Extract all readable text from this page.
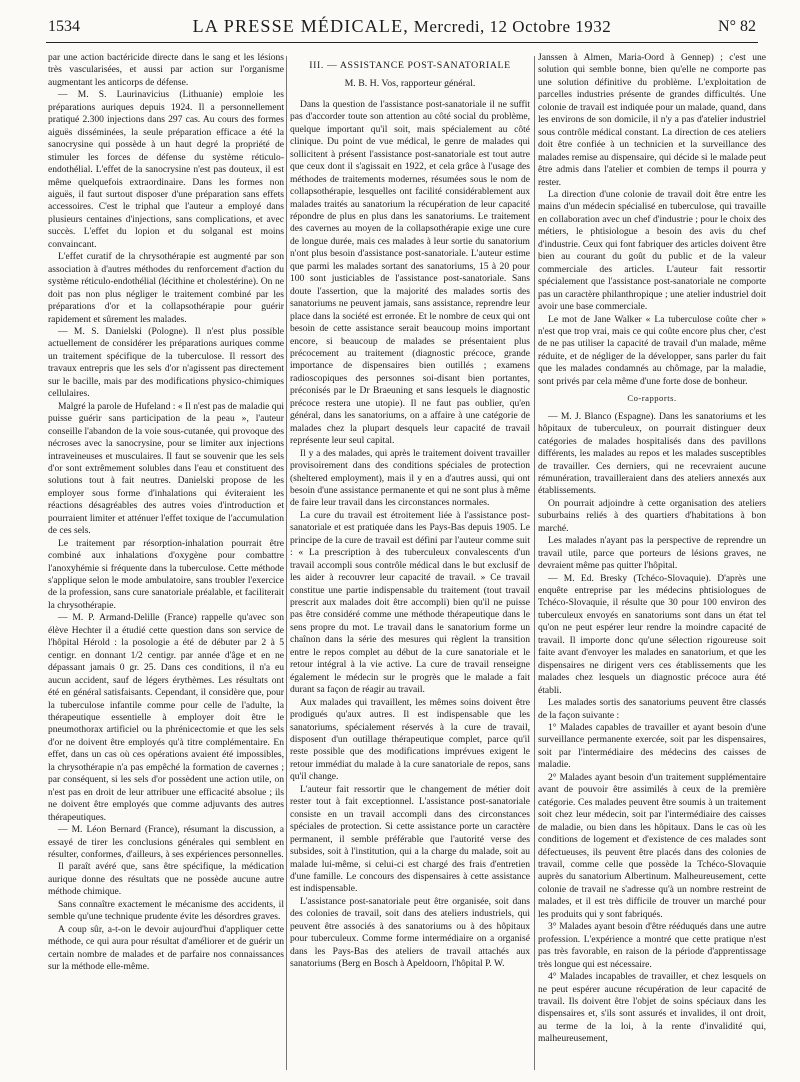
1534	LA PRESSE MÉDICALE, Mercredi, 12 Octobre 1932	N° 82

par une action bactéricide directe dans le sang et les lésions très vascularisées, et aussi par action sur l'organisme augmentant les anticorps de défense.

— M. S. Laurinavicius (Lithuanie) emploie les préparations auriques depuis 1924. Il a personnellement pratiqué 2.300 injections dans 297 cas. Au cours des formes aiguës disséminées, la seule préparation efficace a été la sanocrysine qui possède à un haut degré la propriété de stimuler les forces de défense du système réticulo-endothélial. L'effet de la sanocrysine n'est pas douteux, il est même quelquefois extraordinaire. Dans les formes non aiguës, il faut surtout disposer d'une préparation sans effets accessoires. C'est le triphal que l'auteur a employé dans plusieurs centaines d'injections, sans complications, et avec succès. L'effet du lopion et du solganal est moins convaincant.

L'effet curatif de la chrysothérapie est augmenté par son association à d'autres méthodes du renforcement d'action du système réticulo-endothélial (lécithine et cholestérine). On ne doit pas non plus négliger le traitement combiné par les préparations d'or et la collapsothérapie pour guérir rapidement et sûrement les malades.

— M. S. Danielski (Pologne). Il n'est plus possible actuellement de considérer les préparations auriques comme un traitement spécifique de la tuberculose. Il ressort des travaux entrepris que les sels d'or n'agissent pas directement sur le bacille, mais par des modifications physico-chimiques cellulaires.

Malgré la parole de Hufeland : « Il n'est pas de maladie qui puisse guérir sans participation de la peau », l'auteur conseille l'abandon de la voie sous-cutanée, qui provoque des nécroses avec la sanocrysine, pour se limiter aux injections intraveineuses et musculaires. Il faut se souvenir que les sels d'or sont extrêmement solubles dans l'eau et constituent des solutions tout à fait neutres. Danielski propose de les employer sous forme d'inhalations qui éviteraient les réactions désagréables des autres voies d'introduction et pourraient limiter et atténuer l'effet toxique de l'accumulation de ces sels.

Le traitement par résorption-inhalation pourrait être combiné aux inhalations d'oxygène pour combattre l'anoxyhémie si fréquente dans la tuberculose. Cette méthode s'applique selon le mode ambulatoire, sans troubler l'exercice de la profession, sans cure sanatoriale préalable, et faciliterait la chrysothérapie.

— M. P. Armand-Delille (France) rappelle qu'avec son élève Hechter il a étudié cette question dans son service de l'hôpital Hérold : la posologie a été de débuter par 2 à 5 centigr. en donnant 1/2 centigr. par année d'âge et en ne dépassant jamais 0 gr. 25. Dans ces conditions, il n'a eu aucun accident, sauf de légers érythèmes. Les résultats ont été en général satisfaisants. Cependant, il considère que, pour la tuberculose infantile comme pour celle de l'adulte, la thérapeutique essentielle à employer doit être le pneumothorax artificiel ou la phrénicectomie et que les sels d'or ne doivent être employés qu'à titre complémentaire. En effet, dans un cas où ces opérations avaient été impossibles, la chrysothérapie n'a pas empêché la formation de cavernes ; par conséquent, si les sels d'or possèdent une action utile, on n'est pas en droit de leur attribuer une efficacité absolue ; ils ne doivent être employés que comme adjuvants des autres thérapeutiques.

— M. Léon Bernard (France), résumant la discussion, a essayé de tirer les conclusions générales qui semblent en résulter, conformes, d'ailleurs, à ses expériences personnelles.

Il paraît avéré que, sans être spécifique, la médication aurique donne des résultats que ne possède aucune autre méthode chimique.

Sans connaître exactement le mécanisme des accidents, il semble qu'une technique prudente évite les désordres graves.

A coup sûr, a-t-on le devoir aujourd'hui d'appliquer cette méthode, ce qui aura pour résultat d'améliorer et de guérir un certain nombre de malades et de parfaire nos connaissances sur la méthode elle-même.

III. — ASSISTANCE POST-SANATORIALE
M. B. H. Vos, rapporteur général.

Dans la question de l'assistance post-sanatoriale il ne suffit pas d'accorder toute son attention au côté social du problème, quelque important qu'il soit, mais spécialement au côté clinique. Du point de vue médical, le genre de malades qui sollicitent à présent l'assistance post-sanatoriale est tout autre que ceux dont il s'agissait en 1922, et cela grâce à l'usage des méthodes de traitements modernes, résumées sous le nom de collapsothérapie, lesquelles ont facilité considérablement aux malades traités au sanatorium la récupération de leur capacité répondre de plus en plus dans les sanatoriums. Le traitement des cavernes au moyen de la collapsothérapie exige une cure de longue durée, mais ces malades à leur sortie du sanatorium n'ont plus besoin d'assistance post-sanatoriale. L'auteur estime que parmi les malades sortant des sanatoriums, 15 à 20 pour 100 sont justiciables de l'assistance post-sanatoriale. Sans doute l'assertion, que la majorité des malades sortis des sanatoriums ne peuvent jamais, sans assistance, reprendre leur place dans la société est erronée. Et le nombre de ceux qui ont besoin de cette assistance serait beaucoup moins important encore, si beaucoup de malades se présentaient plus précocement au traitement (diagnostic précoce, grande importance de dispensaires bien outillés ; examens radioscopiques des personnes soi-disant bien portantes, préconisés par le Dr Braeuning et sans lesquels le diagnostic précoce restera une utopie). Il ne faut pas oublier, qu'en général, dans les sanatoriums, on a affaire à une catégorie de malades chez la plupart desquels leur capacité de travail représente leur seul capital.

Il y a des malades, qui après le traitement doivent travailler provisoirement dans des conditions spéciales de protection (sheltered employment), mais il y en a d'autres aussi, qui ont besoin d'une assistance permanente et qui ne sont plus à même de faire leur travail dans les circonstances normales.

La cure du travail est étroitement liée à l'assistance post-sanatoriale et est pratiquée dans les Pays-Bas depuis 1905. Le principe de la cure de travail est défini par l'auteur comme suit : « La prescription à des tuberculeux convalescents d'un travail accompli sous contrôle médical dans le but exclusif de les aider à recouvrer leur capacité de travail. » Ce travail constitue une partie indispensable du traitement (tout travail prescrit aux malades doit être accompli) bien qu'il ne puisse pas être considéré comme une méthode thérapeutique dans le sens propre du mot. Le travail dans le sanatorium forme un chaînon dans la série des mesures qui règlent la transition entre le repos complet au début de la cure sanatoriale et le retour intégral à la vie active. La cure de travail renseigne également le médecin sur le progrès que le malade a fait durant sa façon de réagir au travail.

Aux malades qui travaillent, les mêmes soins doivent être prodigués qu'aux autres. Il est indispensable que les sanatoriums, spécialement réservés à la cure de travail, disposent d'un outillage thérapeutique complet, parce qu'il reste possible que des modifications imprévues exigent le retour immédiat du malade à la cure sanatoriale de repos, sans qu'il change.

L'auteur fait ressortir que le changement de métier doit rester tout à fait exceptionnel. L'assistance post-sanatoriale consiste en un travail accompli dans des circonstances spéciales de protection. Si cette assistance porte un caractère permanent, il semble préférable que l'autorité verse des subsides, soit à l'institution, qui a la charge du malade, soit au malade lui-même, si celui-ci est chargé des frais d'entretien d'une famille. Le concours des dispensaires à cette assistance est indispensable.

L'assistance post-sanatoriale peut être organisée, soit dans des colonies de travail, soit dans des ateliers industriels, qui peuvent être associés à des sanatoriums ou à des hôpitaux pour tuberculeux. Comme forme intermédiaire on a organisé dans les Pays-Bas des ateliers de travail attachés aux sanatoriums (Berg en Bosch à Apeldoorn, l'hôpital P. W.

Janssen à Almen, Maria-Oord à Gennep) ; c'est une solution qui semble bonne, bien qu'elle ne comporte pas une solution définitive du problème. L'exploitation de parcelles industries présente de grandes difficultés. Une colonie de travail est indiquée pour un malade, quand, dans les environs de son domicile, il n'y a pas d'atelier industriel sous contrôle médical constant. La direction de ces ateliers doit être confiée à un technicien et la surveillance des malades remise au dispensaire, qui décide si le malade peut être admis dans l'atelier et combien de temps il pourra y rester.

La direction d'une colonie de travail doit être entre les mains d'un médecin spécialisé en tuberculose, qui travaille en collaboration avec un chef d'industrie ; pour le choix des métiers, le phtisiologue a besoin des avis du chef d'industrie. Ceux qui font fabriquer des articles doivent être bien au courant du goût du public et de la valeur commerciale des articles. L'auteur fait ressortir spécialement que l'assistance post-sanatoriale ne comporte pas un caractère philanthropique ; une atelier industriel doit avoir une base commerciale.

Le mot de Jane Walker « La tuberculose coûte cher » n'est que trop vrai, mais ce qui coûte encore plus cher, c'est de ne pas utiliser la capacité de travail d'un malade, même réduite, et de négliger de la développer, sans parler du fait que les malades condamnés au chômage, par la maladie, sont privés par cela même d'une forte dose de bonheur.

Co-rapports.

— M. J. Blanco (Espagne). Dans les sanatoriums et les hôpitaux de tuberculeux, on pourrait distinguer deux catégories de malades hospitalisés dans des pavillons différents, les malades au repos et les malades susceptibles de travailler. Ces derniers, qui ne recevraient aucune rémunération, travailleraient dans des ateliers annexés aux établissements.

On pourrait adjoindre à cette organisation des ateliers suburbains reliés à des quartiers d'habitations à bon marché.

Les malades n'ayant pas la perspective de reprendre un travail utile, parce que porteurs de lésions graves, ne devraient même pas quitter l'hôpital.

— M. Ed. Bresky (Tchéco-Slovaquie). D'après une enquête entreprise par les médecins phtisiologues de Tchéco-Slovaquie, il résulte que 30 pour 100 environ des tuberculeux envoyés en sanatoriums sont dans un état tel qu'on ne peut espérer leur rendre la moindre capacité de travail. Il importe donc qu'une sélection rigoureuse soit faite avant d'envoyer les malades en sanatorium, et que les dispensaires ne dirigent vers ces établissements que les malades chez lesquels un diagnostic précoce aura été établi.

Les malades sortis des sanatoriums peuvent être classés de la façon suivante :

1° Malades capables de travailler et ayant besoin d'une surveillance permanente exercée, soit par les dispensaires, soit par l'intermédiaire des médecins des caisses de maladie.

2° Malades ayant besoin d'un traitement supplémentaire avant de pouvoir être assimilés à ceux de la première catégorie. Ces malades peuvent être soumis à un traitement soit chez leur médecin, soit par l'intermédiaire des caisses de maladie, ou bien dans les hôpitaux. Dans le cas où les conditions de logement et d'existence de ces malades sont défectueuses, ils peuvent être placés dans des colonies de travail, comme celle que possède la Tchéco-Slovaquie auprès du sanatorium Albertinum. Malheureusement, cette colonie de travail ne s'adresse qu'à un nombre restreint de malades, et il est très difficile de trouver un marché pour les produits qui y sont fabriqués.

3° Malades ayant besoin d'être rééduqués dans une autre profession. L'expérience a montré que cette pratique n'est pas très favorable, en raison de la période d'apprentissage très longue qui est nécessaire.

4° Malades incapables de travailler, et chez lesquels on ne peut espérer aucune récupération de leur capacité de travail. Ils doivent être l'objet de soins spéciaux dans les dispensaires et, s'ils sont assurés et invalides, il ont droit, au terme de la loi, à la rente d'invalidité qui, malheureusement,
